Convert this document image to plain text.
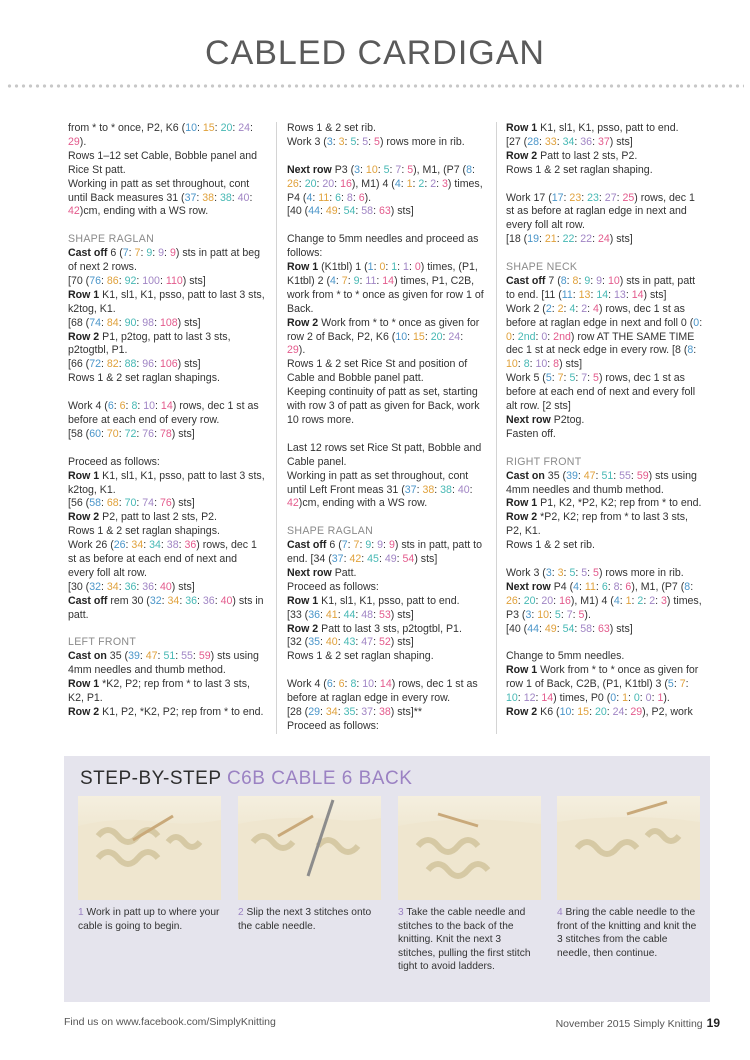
CABLED CARDIGAN

from * to * once, P2, K6 (10: 15: 20: 24: 29).
Rows 1–12 set Cable, Bobble panel and Rice St patt.
Working in patt as set throughout, cont until Back measures 31 (37: 38: 38: 40: 42)cm, ending with a WS row.

SHAPE RAGLAN
Cast off 6 (7: 7: 9: 9: 9) sts in patt at beg of next 2 rows.
[70 (76: 86: 92: 100: 110) sts]
Row 1 K1, sl1, K1, psso, patt to last 3 sts, k2tog, K1.
[68 (74: 84: 90: 98: 108) sts]
Row 2 P1, p2tog, patt to last 3 sts, p2togtbl, P1.
[66 (72: 82: 88: 96: 106) sts]
Rows 1 & 2 set raglan shapings.

Work 4 (6: 6: 8: 10: 14) rows, dec 1 st as before at each end of every row.
[58 (60: 70: 72: 76: 78) sts]

Proceed as follows:
Row 1 K1, sl1, K1, psso, patt to last 3 sts, k2tog, K1.
[56 (58: 68: 70: 74: 76) sts]
Row 2 P2, patt to last 2 sts, P2.
Rows 1 & 2 set raglan shapings.
Work 26 (26: 34: 34: 38: 36) rows, dec 1 st as before at each end of next and every foll alt row.
[30 (32: 34: 36: 36: 40) sts]
Cast off rem 30 (32: 34: 36: 36: 40) sts in patt.

LEFT FRONT
Cast on 35 (39: 47: 51: 55: 59) sts using 4mm needles and thumb method.
Row 1 *K2, P2; rep from * to last 3 sts, K2, P1.
Row 2 K1, P2, *K2, P2; rep from * to end.

Rows 1 & 2 set rib.
Work 3 (3: 3: 5: 5: 5) rows more in rib.

Next row P3 (3: 10: 5: 7: 5), M1, (P7 (8: 26: 20: 20: 16), M1) 4 (4: 1: 2: 2: 3) times, P4 (4: 11: 6: 8: 6).
[40 (44: 49: 54: 58: 63) sts]

Change to 5mm needles and proceed as follows:
Row 1 (K1tbl) 1 (1: 0: 1: 1: 0) times, (P1, K1tbl) 2 (4: 7: 9: 11: 14) times, P1, C2B, work from * to * once as given for row 1 of Back.
Row 2 Work from * to * once as given for row 2 of Back, P2, K6 (10: 15: 20: 24: 29).
Rows 1 & 2 set Rice St and position of Cable and Bobble panel patt.
Keeping continuity of patt as set, starting with row 3 of patt as given for Back, work 10 rows more.

Last 12 rows set Rice St patt, Bobble and Cable panel.
Working in patt as set throughout, cont until Left Front meas 31 (37: 38: 38: 40: 42)cm, ending with a WS row.

SHAPE RAGLAN
Cast off 6 (7: 7: 9: 9: 9) sts in patt, patt to end. [34 (37: 42: 45: 49: 54) sts]
Next row Patt.
Proceed as follows:
Row 1 K1, sl1, K1, psso, patt to end.
[33 (36: 41: 44: 48: 53) sts]
Row 2 Patt to last 3 sts, p2togtbl, P1.
[32 (35: 40: 43: 47: 52) sts]
Rows 1 & 2 set raglan shaping.

Work 4 (6: 6: 8: 10: 14) rows, dec 1 st as before at raglan edge in every row.
[28 (29: 34: 35: 37: 38) sts]**
Proceed as follows:

Row 1 K1, sl1, K1, psso, patt to end.
[27 (28: 33: 34: 36: 37) sts]
Row 2 Patt to last 2 sts, P2.
Rows 1 & 2 set raglan shaping.

Work 17 (17: 23: 23: 27: 25) rows, dec 1 st as before at raglan edge in next and every foll alt row.
[18 (19: 21: 22: 22: 24) sts]

SHAPE NECK
Cast off 7 (8: 8: 9: 9: 10) sts in patt, patt to end. [11 (11: 13: 14: 13: 14) sts]
Work 2 (2: 2: 4: 2: 4) rows, dec 1 st as before at raglan edge in next and foll 0 (0: 0: 2nd: 0: 2nd) row AT THE SAME TIME dec 1 st at neck edge in every row. [8 (8: 10: 8: 10: 8) sts]
Work 5 (5: 7: 5: 7: 5) rows, dec 1 st as before at each end of next and every foll alt row. [2 sts]
Next row P2tog.
Fasten off.

RIGHT FRONT
Cast on 35 (39: 47: 51: 55: 59) sts using 4mm needles and thumb method.
Row 1 P1, K2, *P2, K2; rep from * to end.
Row 2 *P2, K2; rep from * to last 3 sts, P2, K1.
Rows 1 & 2 set rib.

Work 3 (3: 3: 5: 5: 5) rows more in rib.
Next row P4 (4: 11: 6: 8: 6), M1, (P7 (8: 26: 20: 20: 16), M1) 4 (4: 1: 2: 2: 3) times, P3 (3: 10: 5: 7: 5).
[40 (44: 49: 54: 58: 63) sts]

Change to 5mm needles.
Row 1 Work from * to * once as given for row 1 of Back, C2B, (P1, K1tbl) 3 (5: 7: 10: 12: 14) times, P0 (0: 1: 0: 0: 1).
Row 2 K6 (10: 15: 20: 24: 29), P2, work

STEP-BY-STEP C6B CABLE 6 BACK
1 Work in patt up to where your cable is going to begin.
2 Slip the next 3 stitches onto the cable needle.
3 Take the cable needle and stitches to the back of the knitting. Knit the next 3 stitches, pulling the first stitch tight to avoid ladders.
4 Bring the cable needle to the front of the knitting and knit the 3 stitches from the cable needle, then continue.
Find us on www.facebook.com/SimplyKnitting	November 2015 Simply Knitting 19
